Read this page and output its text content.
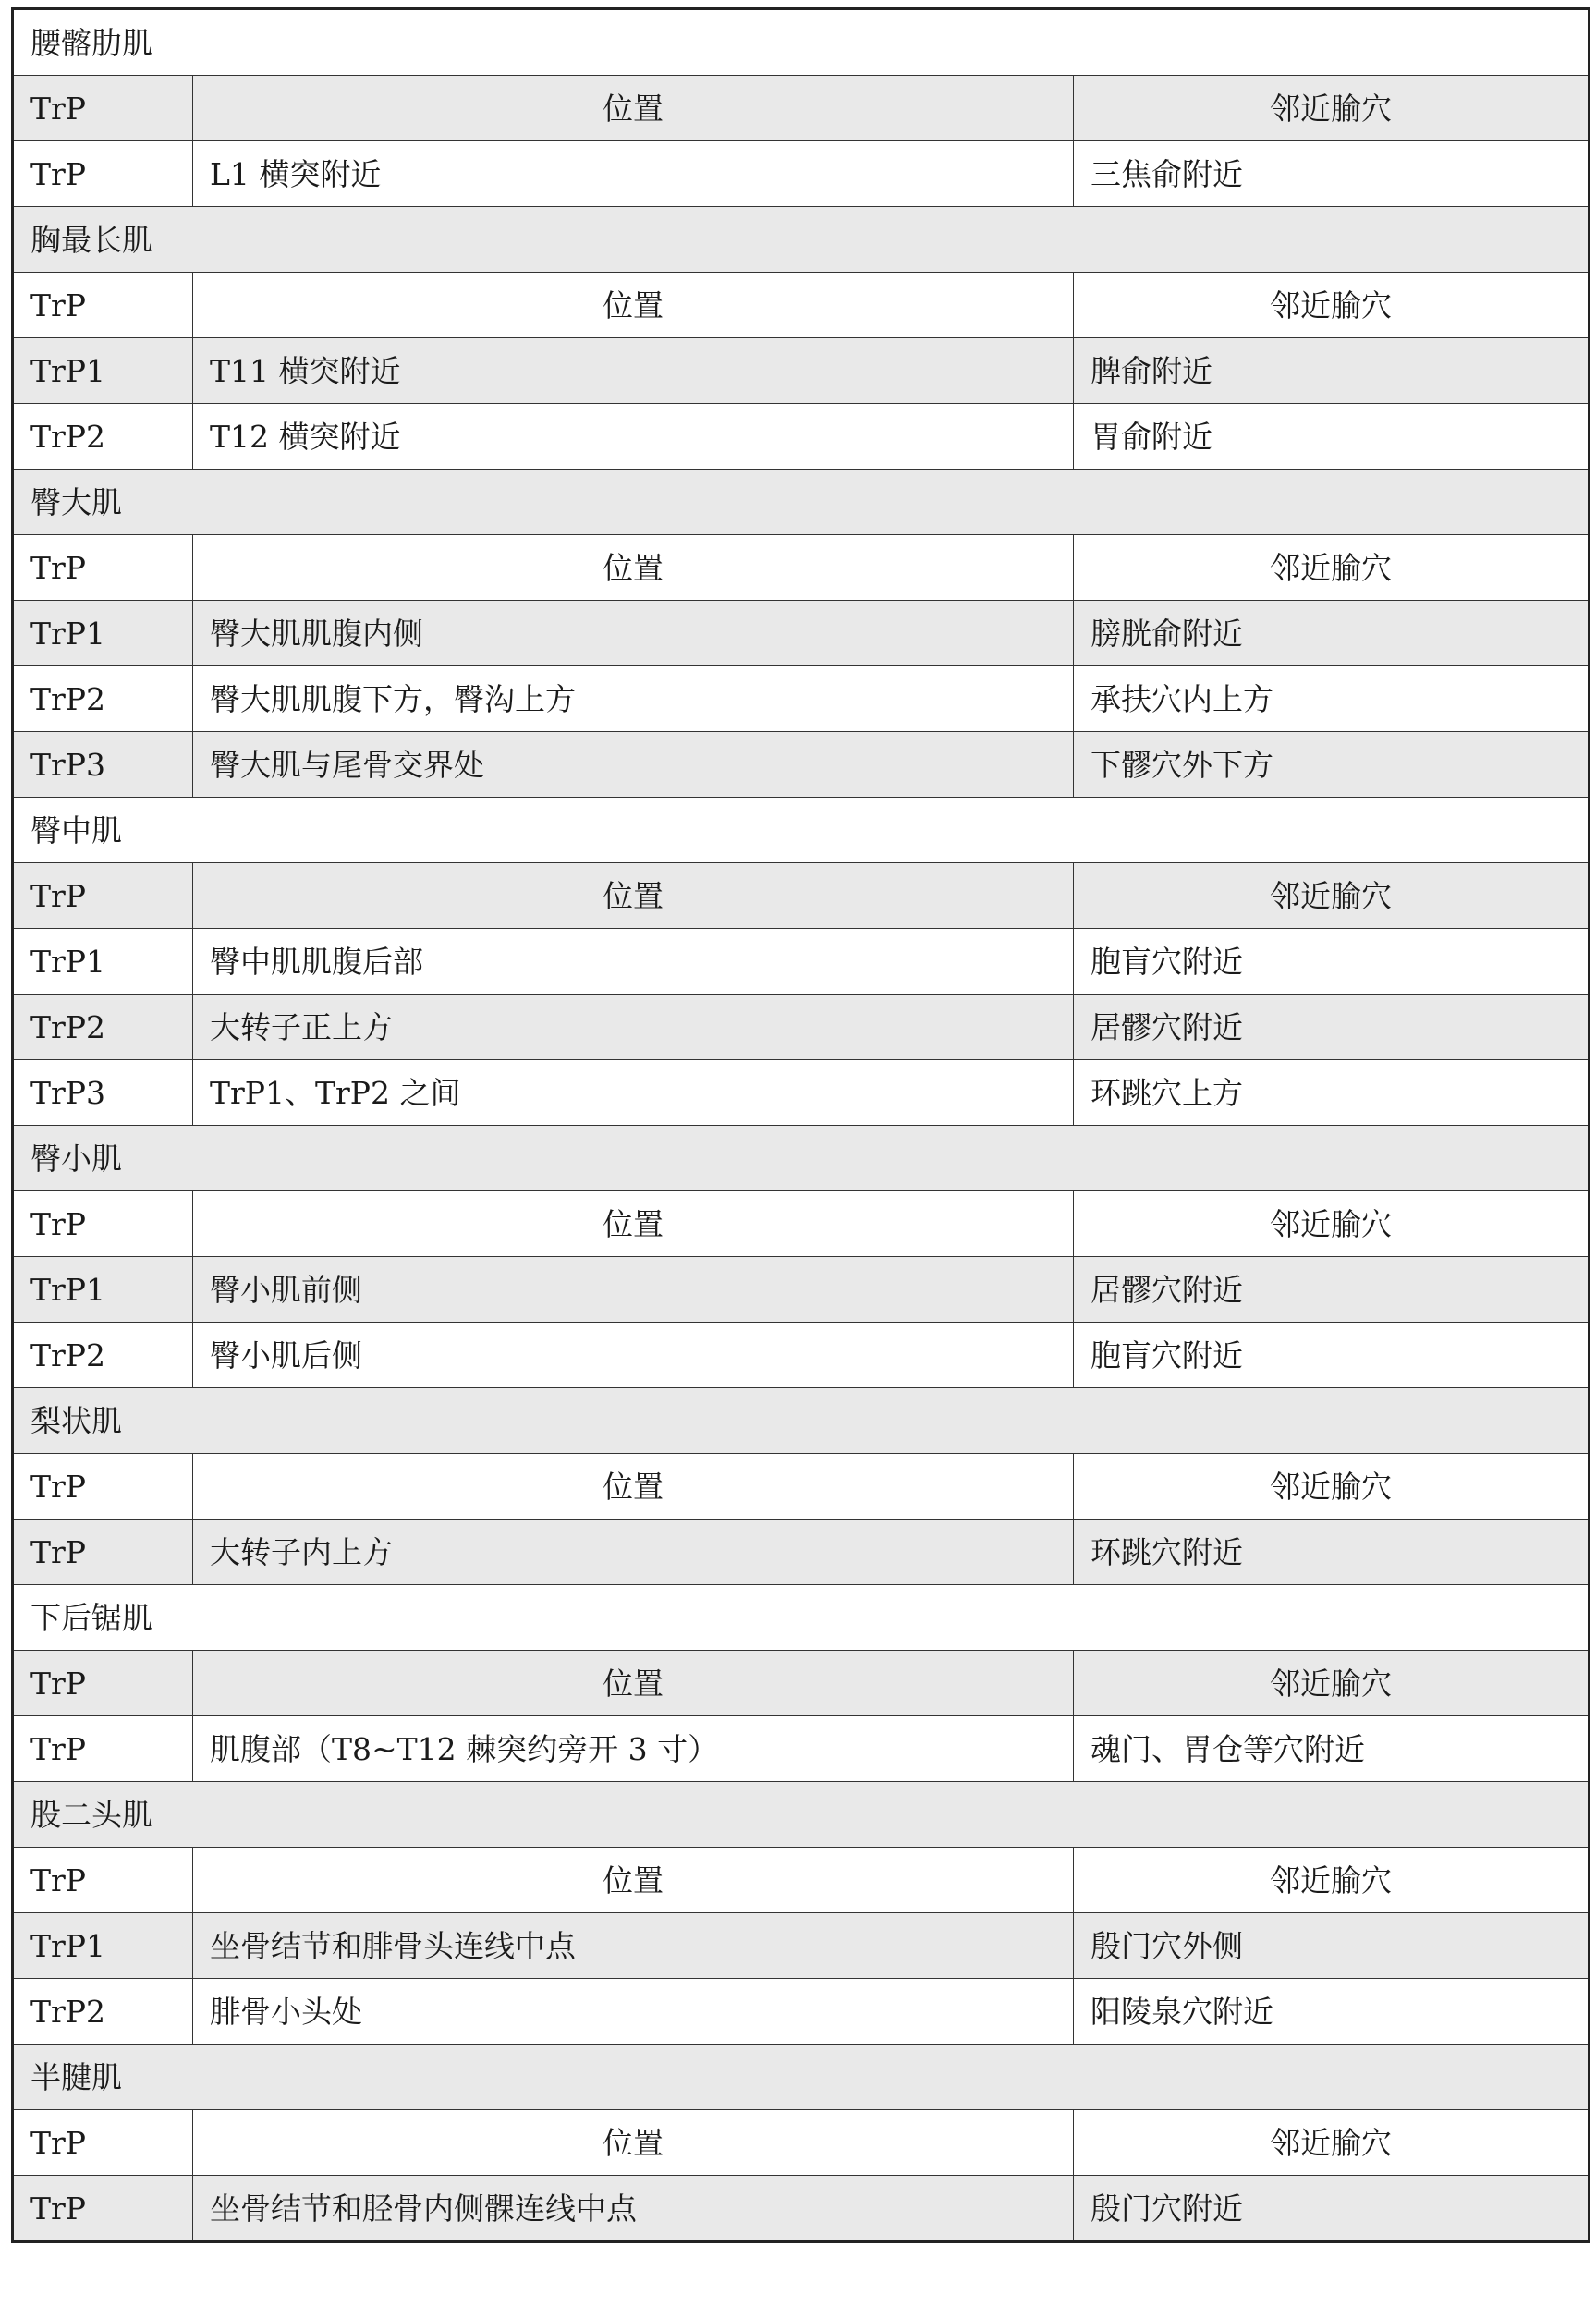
腰髂肋肌		
TrP	位置	邻近腧穴
TrP	L1 横突附近	三焦俞附近
胸最长肌		
TrP	位置	邻近腧穴
TrP1	T11 横突附近	脾俞附近
TrP2	T12 横突附近	胃俞附近
臀大肌		
TrP	位置	邻近腧穴
TrP1	臀大肌肌腹内侧	膀胱俞附近
TrP2	臀大肌肌腹下方，臀沟上方	承扶穴内上方
TrP3	臀大肌与尾骨交界处	下髎穴外下方
臀中肌		
TrP	位置	邻近腧穴
TrP1	臀中肌肌腹后部	胞肓穴附近
TrP2	大转子正上方	居髎穴附近
TrP3	TrP1、TrP2 之间	环跳穴上方
臀小肌		
TrP	位置	邻近腧穴
TrP1	臀小肌前侧	居髎穴附近
TrP2	臀小肌后侧	胞肓穴附近
梨状肌		
TrP	位置	邻近腧穴
TrP	大转子内上方	环跳穴附近
下后锯肌		
TrP	位置	邻近腧穴
TrP	肌腹部（T8~T12 棘突约旁开 3 寸）	魂门、胃仓等穴附近
股二头肌		
TrP	位置	邻近腧穴
TrP1	坐骨结节和腓骨头连线中点	殷门穴外侧
TrP2	腓骨小头处	阳陵泉穴附近
半腱肌		
TrP	位置	邻近腧穴
TrP	坐骨结节和胫骨内侧髁连线中点	殷门穴附近
